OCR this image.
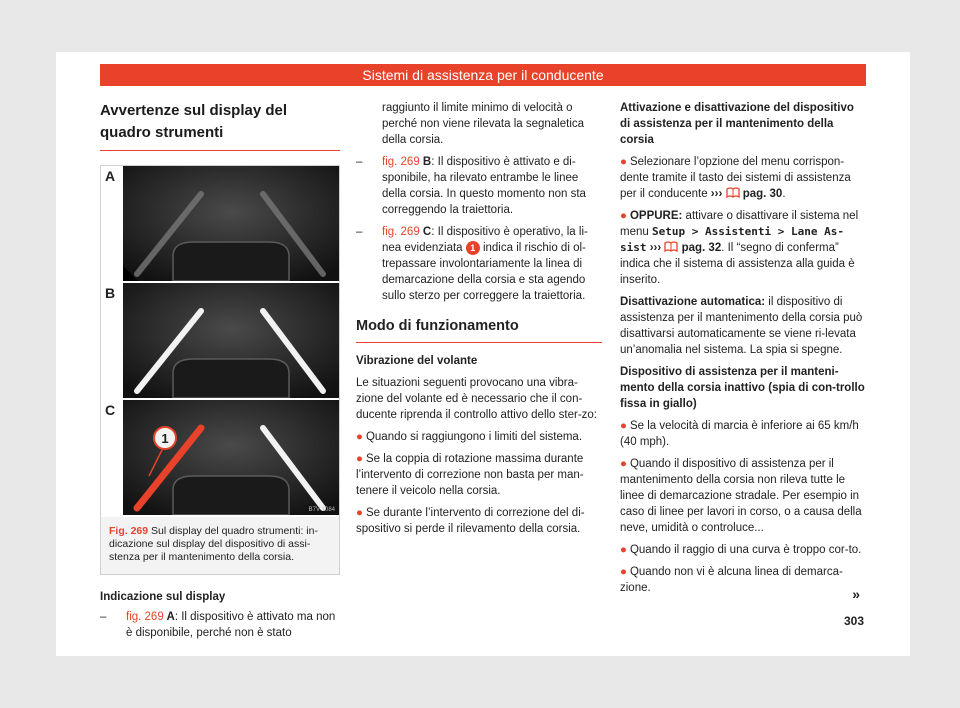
Sistemi di assistenza per il conducente
Avvertenze sul display del quadro strumenti
A
B
C
1
B7V-1084
Fig. 269 Sul display del quadro strumenti: in-dicazione sul display del dispositivo di assi-stenza per il mantenimento della corsia.
Indicazione sul display
– fig. 269 A: Il dispositivo è attivato ma non è disponibile, perché non è stato
raggiunto il limite minimo di velocità o perché non viene rilevata la segnaletica della corsia.
– fig. 269 B: Il dispositivo è attivato e di-sponibile, ha rilevato entrambe le linee della corsia. In questo momento non sta correggendo la traiettoria.
– fig. 269 C: Il dispositivo è operativo, la li-nea evidenziata 1 indica il rischio di ol-trepassare involontariamente la linea di demarcazione della corsia e sta agendo sullo sterzo per correggere la traiettoria.
Modo di funzionamento
Vibrazione del volante

Le situazioni seguenti provocano una vibra-zione del volante ed è necessario che il con-ducente riprenda il controllo attivo dello ster-zo:

● Quando si raggiungono i limiti del sistema.
● Se la coppia di rotazione massima durante l’intervento di correzione non basta per man-tenere il veicolo nella corsia.
● Se durante l’intervento di correzione del di-spositivo si perde il rilevamento della corsia.
Attivazione e disattivazione del dispositivo di assistenza per il mantenimento della corsia
● Selezionare l’opzione del menu corrispon-dente tramite il tasto dei sistemi di assistenza per il conducente ›››  pag. 30.
● OPPURE: attivare o disattivare il sistema nel menu Setup > Assistenti > Lane As-sist ›››  pag. 32. Il “segno di conferma” indica che il sistema di assistenza alla guida è inserito.

Disattivazione automatica: il dispositivo di assistenza per il mantenimento della corsia può disattivarsi automaticamente se viene ri-levata un’anomalia nel sistema. La spia si spegne.

Dispositivo di assistenza per il manteni-mento della corsia inattivo (spia di con-trollo fissa in giallo)
● Se la velocità di marcia è inferiore ai 65 km/h (40 mph).
● Quando il dispositivo di assistenza per il mantenimento della corsia non rileva tutte le linee di demarcazione stradale. Per esempio in caso di linee per lavori in corso, o a causa della neve, umidità o controluce...
● Quando il raggio di una curva è troppo cor-to.
● Quando non vi è alcuna linea di demarca-zione.	»
303
